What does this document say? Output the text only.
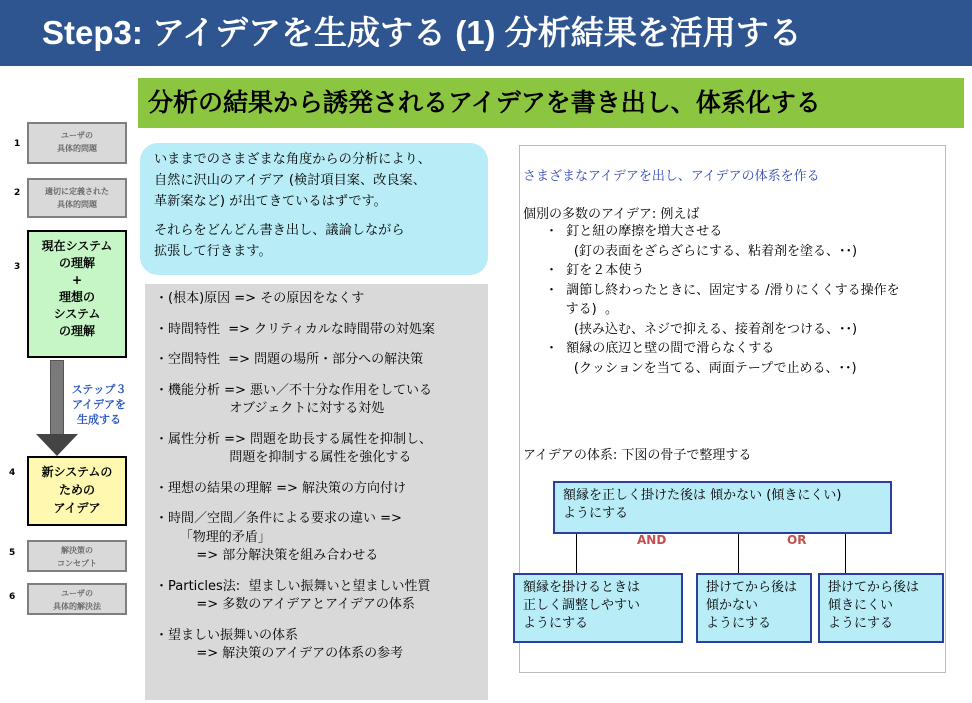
Step3: アイデアを生成する (1) 分析結果を活用する
分析の結果から誘発されるアイデアを書き出し、体系化する
1
ユーザの
具体的問題
2	適切に定義された
具体的問題
3
現在システム
の理解
+
理想の
システム
の理解
ステップ３
アイデアを
生成する
4	新システムの
ための
アイデア
5	解決策の
コンセプト
6	ユーザの
具体的解決法

いままでのさまざまな角度からの分析により、
自然に沢山のアイデア (検討項目案、改良案、
革新案など) が出てきているはずです。

それらをどんどん書き出し、議論しながら
拡張して行きます。

・(根本)原因 => その原因をなくす
・時間特性  => クリティカルな時間帯の対処案
・空間特性  => 問題の場所・部分への解決策
・機能分析 => 悪い／不十分な作用をしている
オブジェクトに対する対処
・属性分析 => 問題を助長する属性を抑制し、
問題を抑制する属性を強化する
・理想の結果の理解 => 解決策の方向付け
・時間／空間／条件による要求の違い =>
「物理的矛盾」
=> 部分解決策を組み合わせる
・Particles法:  望ましい振舞いと望ましい性質
=> 多数のアイデアとアイデアの体系
・望ましい振舞いの体系
=> 解決策のアイデアの体系の参考
さまざまなアイデアを出し、アイデアの体系を作る
個別の多数のアイデア: 例えば
・  釘と紐の摩擦を増大させる
(釘の表面をざらざらにする、粘着剤を塗る、･･)
・  釘を２本使う
・  調節し終わったときに、固定する /滑りにくくする操作を
する)  。
(挟み込む、ネジで抑える、接着剤をつける、･･)
・  額縁の底辺と壁の間で滑らなくする
(クッションを当てる、両面テープで止める、･･)
アイデアの体系: 下図の骨子で整理する
額縁を正しく掛けた後は 傾かない (傾きにくい)
ようにする
AND	OR
額縁を掛けるときは
正しく調整しやすい
ようにする
掛けてから後は
傾かない
ようにする
掛けてから後は
傾きにくい
ようにする
